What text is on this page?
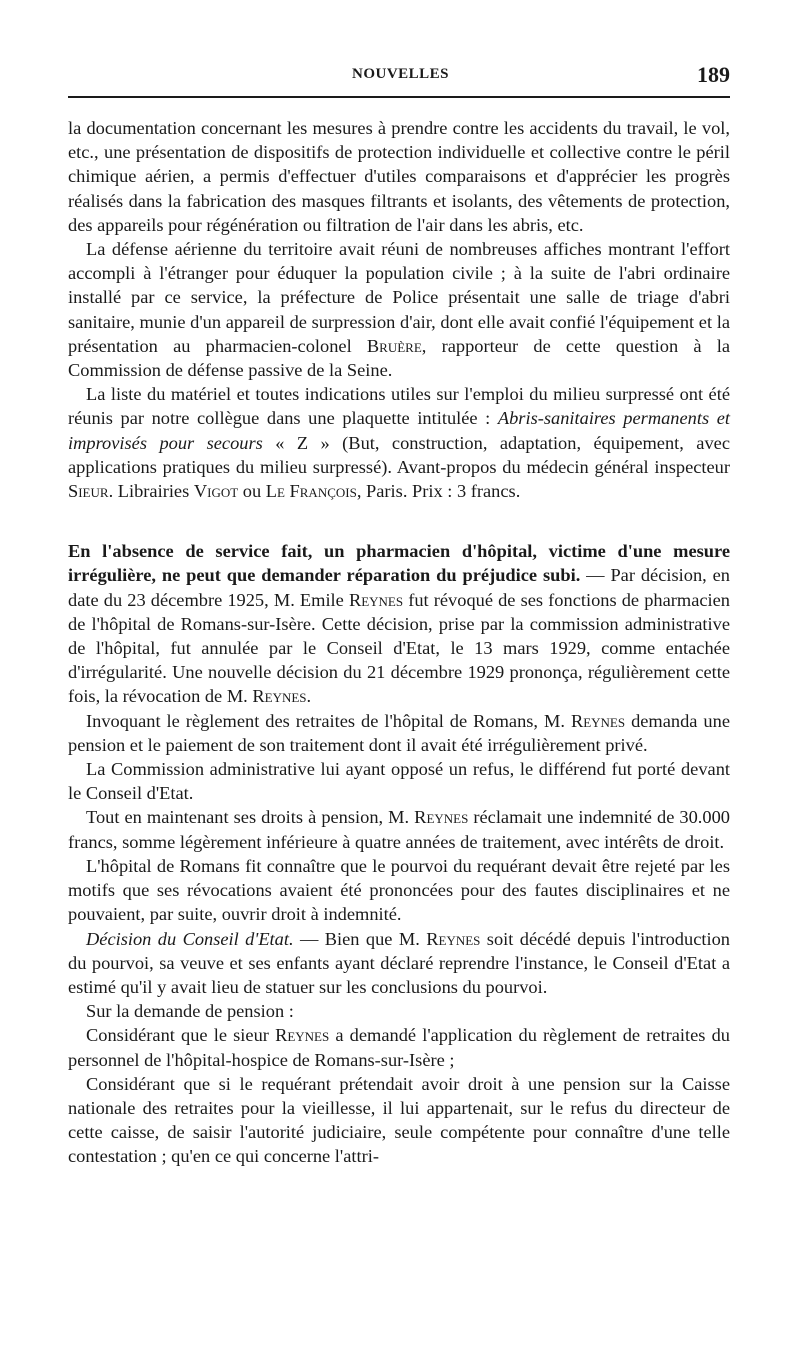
NOUVELLES	189

la documentation concernant les mesures à prendre contre les accidents du travail, le vol, etc., une présentation de dispositifs de protection individuelle et collective contre le péril chimique aérien, a permis d'effectuer d'utiles comparaisons et d'apprécier les progrès réalisés dans la fabrication des masques filtrants et isolants, des vêtements de protection, des appareils pour régénération ou filtration de l'air dans les abris, etc.

La défense aérienne du territoire avait réuni de nombreuses affiches montrant l'effort accompli à l'étranger pour éduquer la population civile ; à la suite de l'abri ordinaire installé par ce service, la préfecture de Police présentait une salle de triage d'abri sanitaire, munie d'un appareil de surpression d'air, dont elle avait confié l'équipement et la présentation au pharmacien-colonel Bruère, rapporteur de cette question à la Commission de défense passive de la Seine.

La liste du matériel et toutes indications utiles sur l'emploi du milieu surpressé ont été réunis par notre collègue dans une plaquette intitulée : Abris-sanitaires permanents et improvisés pour secours « Z » (But, construction, adaptation, équipement, avec applications pratiques du milieu surpressé). Avant-propos du médecin général inspecteur Sieur. Librairies Vigot ou Le François, Paris. Prix : 3 francs.

En l'absence de service fait, un pharmacien d'hôpital, victime d'une mesure irrégulière, ne peut que demander réparation du préjudice subi. — Par décision, en date du 23 décembre 1925, M. Emile Reynes fut révoqué de ses fonctions de pharmacien de l'hôpital de Romans-sur-Isère. Cette décision, prise par la commission administrative de l'hôpital, fut annulée par le Conseil d'Etat, le 13 mars 1929, comme entachée d'irrégularité. Une nouvelle décision du 21 décembre 1929 prononça, régulièrement cette fois, la révocation de M. Reynes.

Invoquant le règlement des retraites de l'hôpital de Romans, M. Reynes demanda une pension et le paiement de son traitement dont il avait été irrégulièrement privé.

La Commission administrative lui ayant opposé un refus, le différend fut porté devant le Conseil d'Etat.

Tout en maintenant ses droits à pension, M. Reynes réclamait une indemnité de 30.000 francs, somme légèrement inférieure à quatre années de traitement, avec intérêts de droit.

L'hôpital de Romans fit connaître que le pourvoi du requérant devait être rejeté par les motifs que ses révocations avaient été prononcées pour des fautes disciplinaires et ne pouvaient, par suite, ouvrir droit à indemnité.

Décision du Conseil d'Etat. — Bien que M. Reynes soit décédé depuis l'introduction du pourvoi, sa veuve et ses enfants ayant déclaré reprendre l'instance, le Conseil d'Etat a estimé qu'il y avait lieu de statuer sur les conclusions du pourvoi.

Sur la demande de pension :

Considérant que le sieur Reynes a demandé l'application du règlement de retraites du personnel de l'hôpital-hospice de Romans-sur-Isère ;

Considérant que si le requérant prétendait avoir droit à une pension sur la Caisse nationale des retraites pour la vieillesse, il lui appartenait, sur le refus du directeur de cette caisse, de saisir l'autorité judiciaire, seule compétente pour connaître d'une telle contestation ; qu'en ce qui concerne l'attri-
